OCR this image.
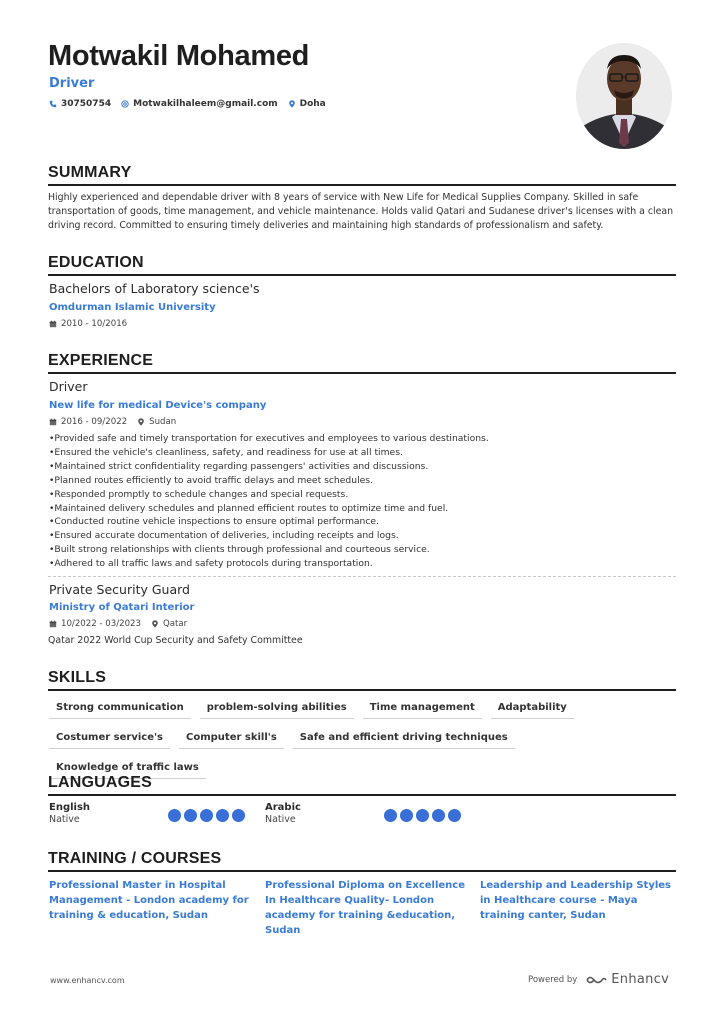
Motwakil Mohamed
Driver
30750754 Motwakilhaleem@gmail.com Doha
SUMMARY
Highly experienced and dependable driver with 8 years of service with New Life for Medical Supplies Company. Skilled in safe transportation of goods, time management, and vehicle maintenance. Holds valid Qatari and Sudanese driver's licenses with a clean driving record. Committed to ensuring timely deliveries and maintaining high standards of professionalism and safety.
EDUCATION
Bachelors of Laboratory science's
Omdurman Islamic University
2010 - 10/2016
EXPERIENCE
Driver
New life for medical Device's company
2016 - 09/2022	Sudan
•Provided safe and timely transportation for executives and employees to various destinations.
•Ensured the vehicle's cleanliness, safety, and readiness for use at all times.
•Maintained strict confidentiality regarding passengers' activities and discussions.
•Planned routes efficiently to avoid traffic delays and meet schedules.
•Responded promptly to schedule changes and special requests.
•Maintained delivery schedules and planned efficient routes to optimize time and fuel.
•Conducted routine vehicle inspections to ensure optimal performance.
•Ensured accurate documentation of deliveries, including receipts and logs.
•Built strong relationships with clients through professional and courteous service.
•Adhered to all traffic laws and safety protocols during transportation.
Private Security Guard
Ministry of Qatari Interior
10/2022 - 03/2023	Qatar
Qatar 2022 World Cup Security and Safety Committee
SKILLS
Strong communication	problem-solving abilities	Time management	Adaptability
Costumer service's	Computer skill's	Safe and efficient driving techniques
Knowledge of traffic laws
LANGUAGES
English
Native
Arabic
Native
TRAINING / COURSES
Professional Master in Hospital Management - London academy for training & education, Sudan
Professional Diploma on Excellence In Healthcare Quality- London academy for training &education, Sudan
Leadership and Leadership Styles in Healthcare course - Maya training canter, Sudan
www.enhancv.com	Powered by	Enhancv
